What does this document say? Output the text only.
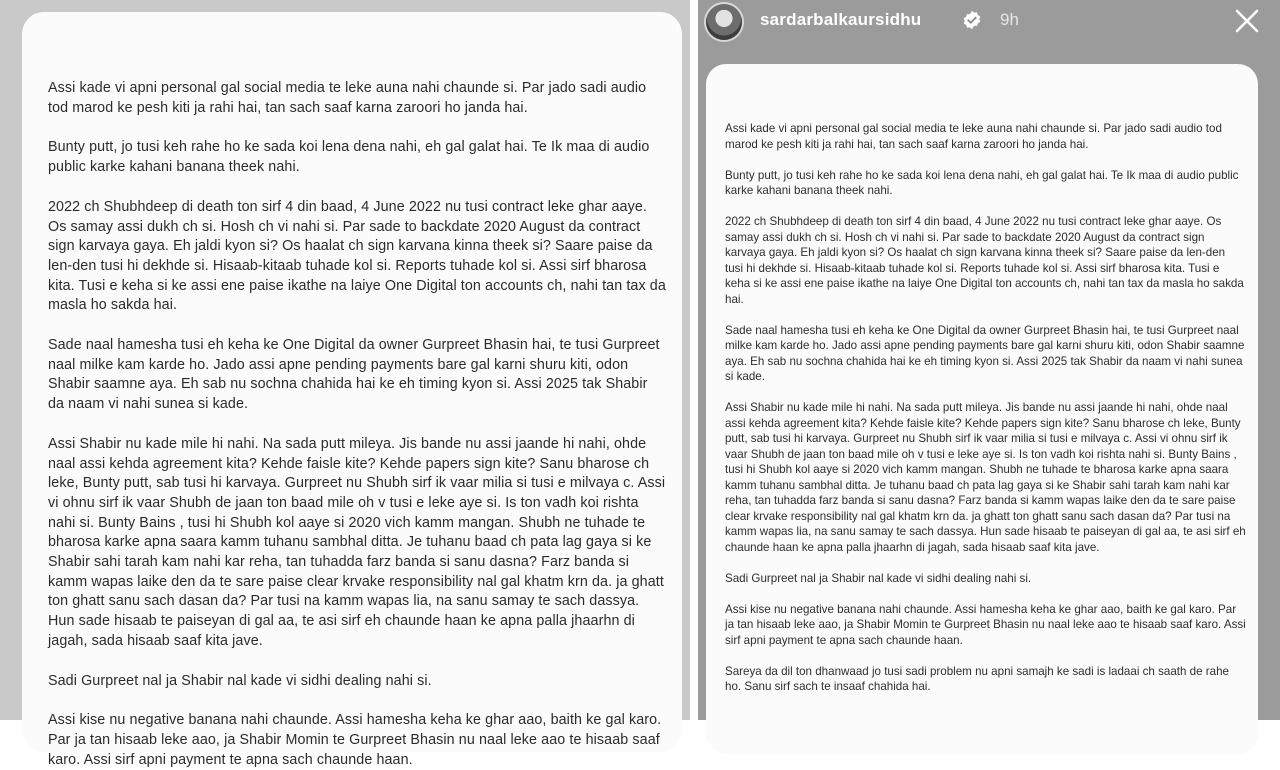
Assi kade vi apni personal gal social media te leke auna nahi chaunde si. Par jado sadi audio tod marod ke pesh kiti ja rahi hai, tan sach saaf karna zaroori ho janda hai.

Bunty putt, jo tusi keh rahe ho ke sada koi lena dena nahi, eh gal galat hai. Te Ik maa di audio public karke kahani banana theek nahi.

2022 ch Shubhdeep di death ton sirf 4 din baad, 4 June 2022 nu tusi contract leke ghar aaye. Os samay assi dukh ch si. Hosh ch vi nahi si. Par sade to backdate 2020 August da contract sign karvaya gaya. Eh jaldi kyon si? Os haalat ch sign karvana kinna theek si? Saare paise da len-den tusi hi dekhde si. Hisaab-kitaab tuhade kol si. Reports tuhade kol si. Assi sirf bharosa kita. Tusi e keha si ke assi ene paise ikathe na laiye One Digital ton accounts ch, nahi tan tax da masla ho sakda hai.

Sade naal hamesha tusi eh keha ke One Digital da owner Gurpreet Bhasin hai, te tusi Gurpreet naal milke kam karde ho. Jado assi apne pending payments bare gal karni shuru kiti, odon Shabir saamne aya. Eh sab nu sochna chahida hai ke eh timing kyon si. Assi 2025 tak Shabir da naam vi nahi sunea si kade.

Assi Shabir nu kade mile hi nahi. Na sada putt mileya. Jis bande nu assi jaande hi nahi, ohde naal assi kehda agreement kita? Kehde faisle kite? Kehde papers sign kite? Sanu bharose ch leke, Bunty putt, sab tusi hi karvaya. Gurpreet nu Shubh sirf ik vaar milia si tusi e milvaya c. Assi vi ohnu sirf ik vaar Shubh de jaan ton baad mile oh v tusi e leke aye si. Is ton vadh koi rishta nahi si. Bunty Bains , tusi hi Shubh kol aaye si 2020 vich kamm mangan. Shubh ne tuhade te bharosa karke apna saara kamm tuhanu sambhal ditta. Je tuhanu baad ch pata lag gaya si ke Shabir sahi tarah kam nahi kar reha, tan tuhadda farz banda si sanu dasna? Farz banda si kamm wapas laike den da te sare paise clear krvake responsibility nal gal khatm krn da. ja ghatt ton ghatt sanu sach dasan da? Par tusi na kamm wapas lia, na sanu samay te sach dassya. Hun sade hisaab te paiseyan di gal aa, te asi sirf eh chaunde haan ke apna palla jhaarhn di jagah, sada hisaab saaf kita jave.

Sadi Gurpreet nal ja Shabir nal kade vi sidhi dealing nahi si.

Assi kise nu negative banana nahi chaunde. Assi hamesha keha ke ghar aao, baith ke gal karo. Par ja tan hisaab leke aao, ja Shabir Momin te Gurpreet Bhasin nu naal leke aao te hisaab saaf karo. Assi sirf apni payment te apna sach chaunde haan.

sardarbalkaursidhu	9h

Assi kade vi apni personal gal social media te leke auna nahi chaunde si. Par jado sadi audio tod marod ke pesh kiti ja rahi hai, tan sach saaf karna zaroori ho janda hai.

Bunty putt, jo tusi keh rahe ho ke sada koi lena dena nahi, eh gal galat hai. Te Ik maa di audio public karke kahani banana theek nahi.

2022 ch Shubhdeep di death ton sirf 4 din baad, 4 June 2022 nu tusi contract leke ghar aaye. Os samay assi dukh ch si. Hosh ch vi nahi si. Par sade to backdate 2020 August da contract sign karvaya gaya. Eh jaldi kyon si? Os haalat ch sign karvana kinna theek si? Saare paise da len-den tusi hi dekhde si. Hisaab-kitaab tuhade kol si. Reports tuhade kol si. Assi sirf bharosa kita. Tusi e keha si ke assi ene paise ikathe na laiye One Digital ton accounts ch, nahi tan tax da masla ho sakda hai.

Sade naal hamesha tusi eh keha ke One Digital da owner Gurpreet Bhasin hai, te tusi Gurpreet naal milke kam karde ho. Jado assi apne pending payments bare gal karni shuru kiti, odon Shabir saamne aya. Eh sab nu sochna chahida hai ke eh timing kyon si. Assi 2025 tak Shabir da naam vi nahi sunea si kade.

Assi Shabir nu kade mile hi nahi. Na sada putt mileya. Jis bande nu assi jaande hi nahi, ohde naal assi kehda agreement kita? Kehde faisle kite? Kehde papers sign kite? Sanu bharose ch leke, Bunty putt, sab tusi hi karvaya. Gurpreet nu Shubh sirf ik vaar milia si tusi e milvaya c. Assi vi ohnu sirf ik vaar Shubh de jaan ton baad mile oh v tusi e leke aye si. Is ton vadh koi rishta nahi si. Bunty Bains , tusi hi Shubh kol aaye si 2020 vich kamm mangan. Shubh ne tuhade te bharosa karke apna saara kamm tuhanu sambhal ditta. Je tuhanu baad ch pata lag gaya si ke Shabir sahi tarah kam nahi kar reha, tan tuhadda farz banda si sanu dasna? Farz banda si kamm wapas laike den da te sare paise clear krvake responsibility nal gal khatm krn da. ja ghatt ton ghatt sanu sach dasan da? Par tusi na kamm wapas lia, na sanu samay te sach dassya. Hun sade hisaab te paiseyan di gal aa, te asi sirf eh chaunde haan ke apna palla jhaarhn di jagah, sada hisaab saaf kita jave.

Sadi Gurpreet nal ja Shabir nal kade vi sidhi dealing nahi si.

Assi kise nu negative banana nahi chaunde. Assi hamesha keha ke ghar aao, baith ke gal karo. Par ja tan hisaab leke aao, ja Shabir Momin te Gurpreet Bhasin nu naal leke aao te hisaab saaf karo. Assi sirf apni payment te apna sach chaunde haan.

Sareya da dil ton dhanwaad jo tusi sadi problem nu apni samajh ke sadi is ladaai ch saath de rahe ho. Sanu sirf sach te insaaf chahida hai.
